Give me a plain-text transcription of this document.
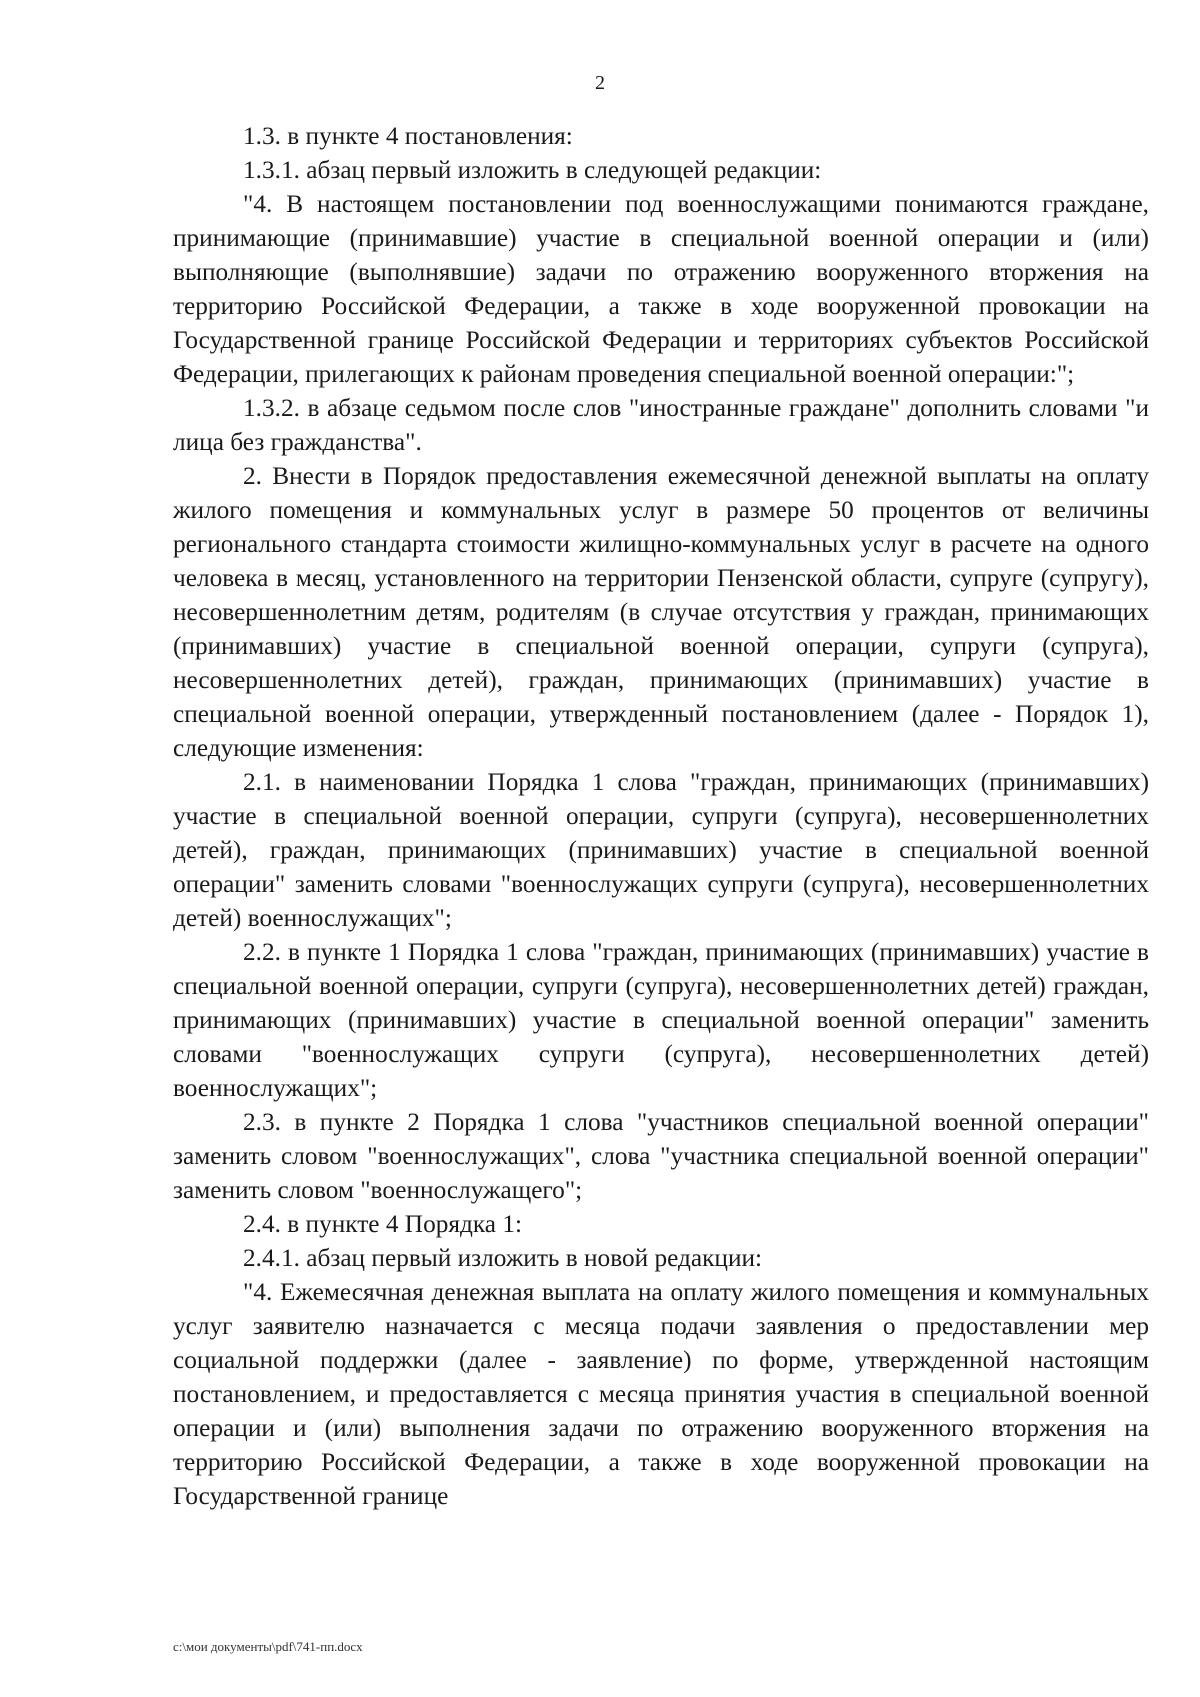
2

1.3. в пункте 4 постановления:

1.3.1. абзац первый изложить в следующей редакции:

"4. В настоящем постановлении под военнослужащими понимаются граждане, принимающие (принимавшие) участие в специальной военной операции и (или) выполняющие (выполнявшие) задачи по отражению вооруженного вторжения на территорию Российской Федерации, а также в ходе вооруженной провокации на Государственной границе Российской Федерации и территориях субъектов Российской Федерации, прилегающих к районам проведения специальной военной операции:";

1.3.2. в абзаце седьмом после слов "иностранные граждане" дополнить словами "и лица без гражданства".

2. Внести в Порядок предоставления ежемесячной денежной выплаты на оплату жилого помещения и коммунальных услуг в размере 50 процентов от величины регионального стандарта стоимости жилищно-коммунальных услуг в расчете на одного человека в месяц, установленного на территории Пензенской области, супруге (супругу), несовершеннолетним детям, родителям (в случае отсутствия у граждан, принимающих (принимавших) участие в специальной военной операции, супруги (супруга), несовершеннолетних детей), граждан, принимающих (принимавших) участие в специальной военной операции, утвержденный постановлением (далее - Порядок 1), следующие изменения:

2.1. в наименовании Порядка 1 слова "граждан, принимающих (принимавших) участие в специальной военной операции, супруги (супруга), несовершеннолетних детей), граждан, принимающих (принимавших) участие в специальной военной операции" заменить словами "военнослужащих супруги (супруга), несовершеннолетних детей) военнослужащих";

2.2. в пункте 1 Порядка 1 слова "граждан, принимающих (принимавших) участие в специальной военной операции, супруги (супруга), несовершеннолетних детей) граждан, принимающих (принимавших) участие в специальной военной операции" заменить словами "военнослужащих супруги (супруга), несовершеннолетних детей) военнослужащих";

2.3. в пункте 2 Порядка 1 слова "участников специальной военной операции" заменить словом "военнослужащих", слова "участника специальной военной операции" заменить словом "военнослужащего";

2.4. в пункте 4 Порядка 1:

2.4.1. абзац первый изложить в новой редакции:

"4. Ежемесячная денежная выплата на оплату жилого помещения и коммунальных услуг заявителю назначается с месяца подачи заявления о предоставлении мер социальной поддержки (далее - заявление) по форме, утвержденной настоящим постановлением, и предоставляется с месяца принятия участия в специальной военной операции и (или) выполнения задачи по отражению вооруженного вторжения на территорию Российской Федерации, а также в ходе вооруженной провокации на Государственной границе

c:\мои документы\pdf\741-пп.docx
